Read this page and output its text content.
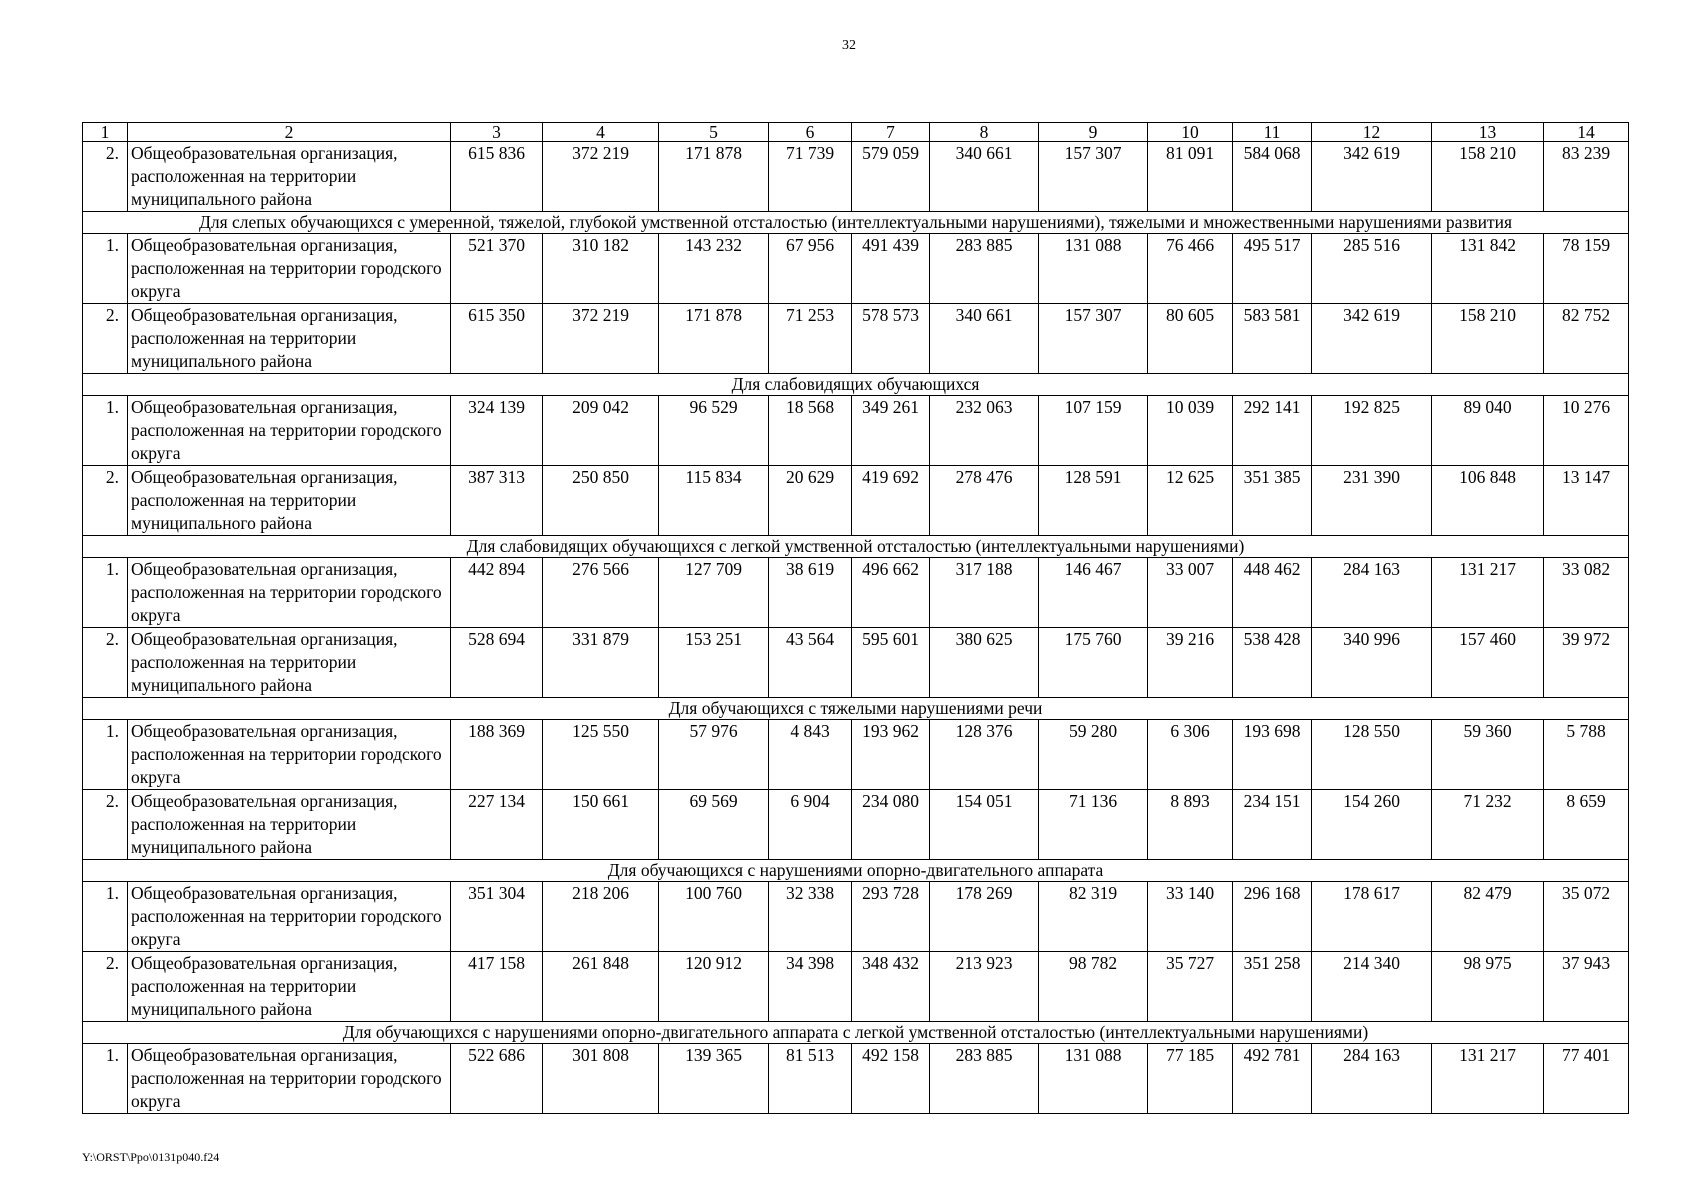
32
1	2	3	4	5	6	7	8	9	10	11	12	13	14
2.	Общеобразовательная организация, расположенная на территории муниципального района	615 836	372 219	171 878	71 739	579 059	340 661	157 307	81 091	584 068	342 619	158 210	83 239
Для слепых обучающихся с умеренной, тяжелой, глубокой умственной отсталостью (интеллектуальными нарушениями), тяжелыми и множественными нарушениями развития													
1.	Общеобразовательная организация, расположенная на территории городского округа	521 370	310 182	143 232	67 956	491 439	283 885	131 088	76 466	495 517	285 516	131 842	78 159
2.	Общеобразовательная организация, расположенная на территории муниципального района	615 350	372 219	171 878	71 253	578 573	340 661	157 307	80 605	583 581	342 619	158 210	82 752
Для слабовидящих обучающихся													
1.	Общеобразовательная организация, расположенная на территории городского округа	324 139	209 042	96 529	18 568	349 261	232 063	107 159	10 039	292 141	192 825	89 040	10 276
2.	Общеобразовательная организация, расположенная на территории муниципального района	387 313	250 850	115 834	20 629	419 692	278 476	128 591	12 625	351 385	231 390	106 848	13 147
Для слабовидящих обучающихся с легкой умственной отсталостью (интеллектуальными нарушениями)													
1.	Общеобразовательная организация, расположенная на территории городского округа	442 894	276 566	127 709	38 619	496 662	317 188	146 467	33 007	448 462	284 163	131 217	33 082
2.	Общеобразовательная организация, расположенная на территории муниципального района	528 694	331 879	153 251	43 564	595 601	380 625	175 760	39 216	538 428	340 996	157 460	39 972
Для обучающихся с тяжелыми нарушениями речи													
1.	Общеобразовательная организация, расположенная на территории городского округа	188 369	125 550	57 976	4 843	193 962	128 376	59 280	6 306	193 698	128 550	59 360	5 788
2.	Общеобразовательная организация, расположенная на территории муниципального района	227 134	150 661	69 569	6 904	234 080	154 051	71 136	8 893	234 151	154 260	71 232	8 659
Для обучающихся с нарушениями опорно-двигательного аппарата													
1.	Общеобразовательная организация, расположенная на территории городского округа	351 304	218 206	100 760	32 338	293 728	178 269	82 319	33 140	296 168	178 617	82 479	35 072
2.	Общеобразовательная организация, расположенная на территории муниципального района	417 158	261 848	120 912	34 398	348 432	213 923	98 782	35 727	351 258	214 340	98 975	37 943
Для обучающихся с нарушениями опорно-двигательного аппарата с легкой умственной отсталостью (интеллектуальными нарушениями)													
1.	Общеобразовательная организация, расположенная на территории городского округа	522 686	301 808	139 365	81 513	492 158	283 885	131 088	77 185	492 781	284 163	131 217	77 401
Y:\ORST\Ppo\0131p040.f24
